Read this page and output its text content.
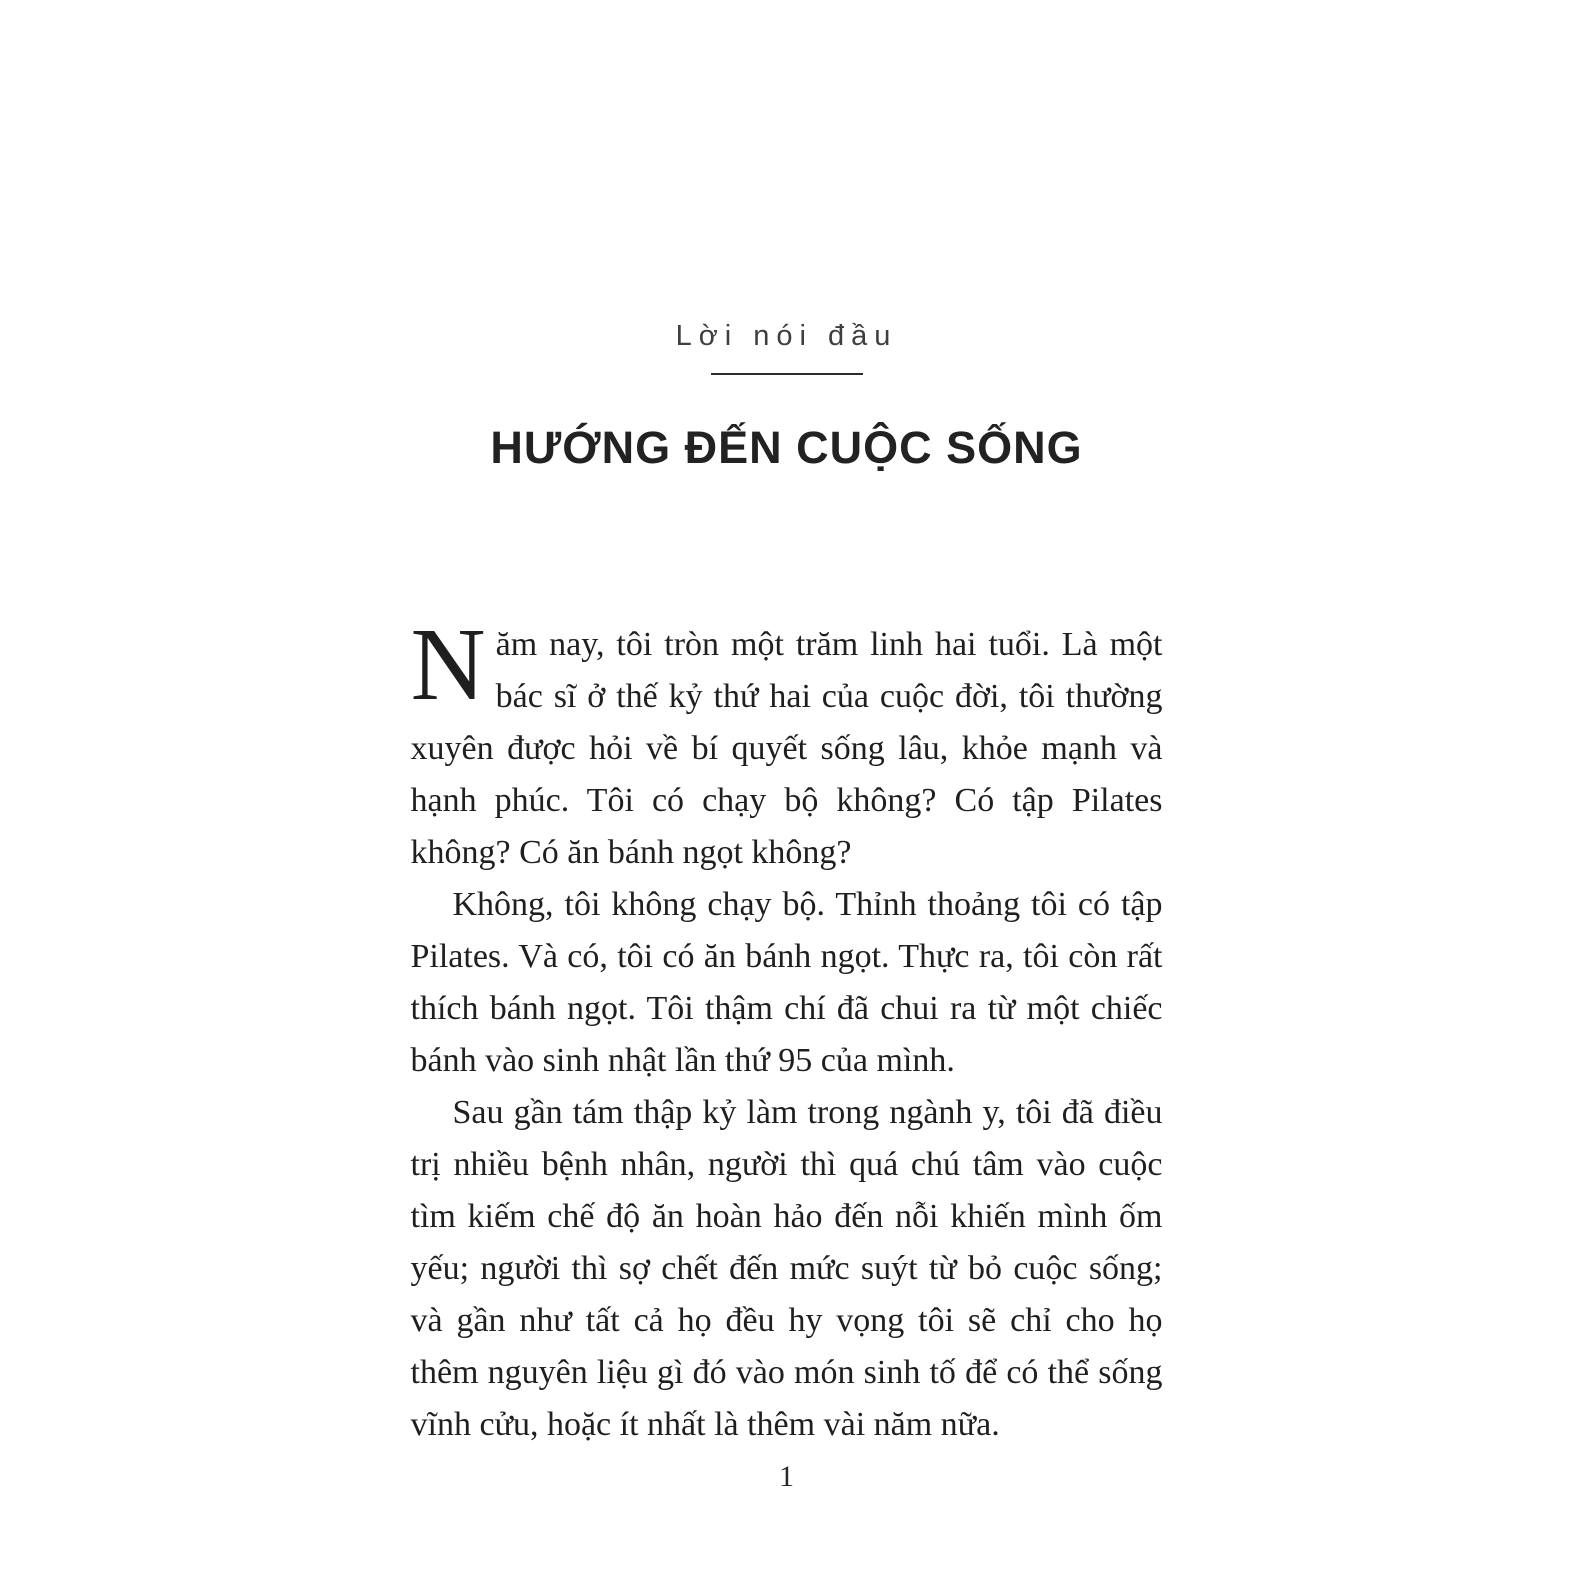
Lời nói đầu
HƯỚNG ĐẾN CUỘC SỐNG

Năm nay, tôi tròn một trăm linh hai tuổi. Là một bác sĩ ở thế kỷ thứ hai của cuộc đời, tôi thường xuyên được hỏi về bí quyết sống lâu, khỏe mạnh và hạnh phúc. Tôi có chạy bộ không? Có tập Pilates không? Có ăn bánh ngọt không?

Không, tôi không chạy bộ. Thỉnh thoảng tôi có tập Pilates. Và có, tôi có ăn bánh ngọt. Thực ra, tôi còn rất thích bánh ngọt. Tôi thậm chí đã chui ra từ một chiếc bánh vào sinh nhật lần thứ 95 của mình.

Sau gần tám thập kỷ làm trong ngành y, tôi đã điều trị nhiều bệnh nhân, người thì quá chú tâm vào cuộc tìm kiếm chế độ ăn hoàn hảo đến nỗi khiến mình ốm yếu; người thì sợ chết đến mức suýt từ bỏ cuộc sống; và gần như tất cả họ đều hy vọng tôi sẽ chỉ cho họ thêm nguyên liệu gì đó vào món sinh tố để có thể sống vĩnh cửu, hoặc ít nhất là thêm vài năm nữa.

1
